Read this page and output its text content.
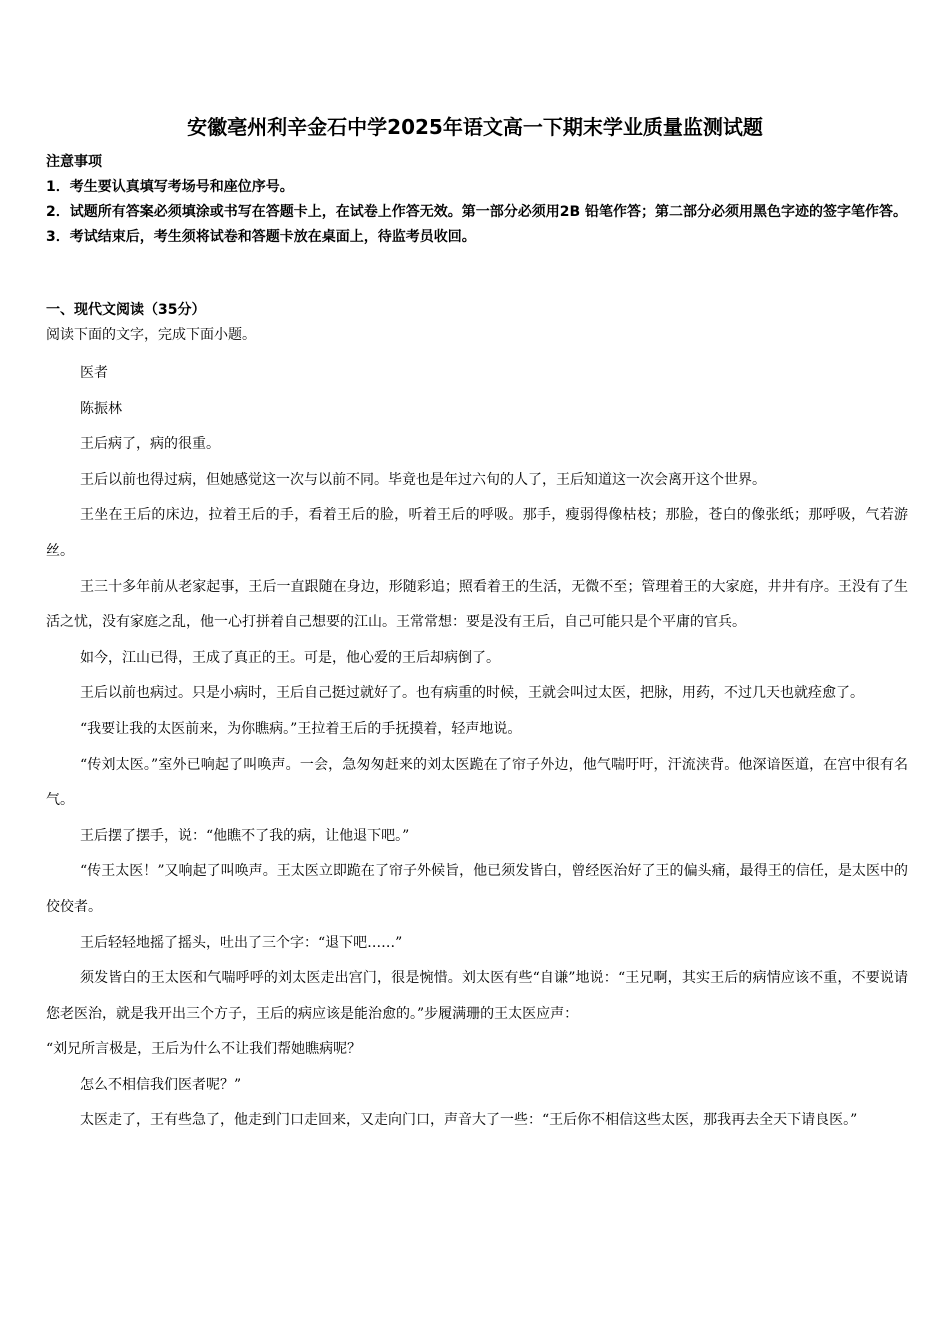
安徽亳州利辛金石中学2025年语文高一下期末学业质量监测试题

注意事项

1．考生要认真填写考场号和座位序号。

2．试题所有答案必须填涂或书写在答题卡上，在试卷上作答无效。第一部分必须用2B 铅笔作答；第二部分必须用黑色字迹的签字笔作答。

3．考试结束后，考生须将试卷和答题卡放在桌面上，待监考员收回。

一、现代文阅读（35分）

阅读下面的文字，完成下面小题。

医者

陈振林

王后病了，病的很重。

王后以前也得过病，但她感觉这一次与以前不同。毕竟也是年过六旬的人了，王后知道这一次会离开这个世界。

王坐在王后的床边，拉着王后的手，看着王后的脸，听着王后的呼吸。那手，瘦弱得像枯枝；那脸，苍白的像张纸；那呼吸，气若游丝。

王三十多年前从老家起事，王后一直跟随在身边，形随彩追；照看着王的生活，无微不至；管理着王的大家庭，井井有序。王没有了生活之忧，没有家庭之乱，他一心打拼着自己想要的江山。王常常想：要是没有王后，自己可能只是个平庸的官兵。

如今，江山已得，王成了真正的王。可是，他心爱的王后却病倒了。

王后以前也病过。只是小病时，王后自己挺过就好了。也有病重的时候，王就会叫过太医，把脉，用药，不过几天也就痊愈了。

“我要让我的太医前来，为你瞧病。”王拉着王后的手抚摸着，轻声地说。

“传刘太医。”室外已响起了叫唤声。一会，急匆匆赶来的刘太医跪在了帘子外边，他气喘吁吁，汗流浃背。他深谙医道，在宫中很有名气。

王后摆了摆手，说：“他瞧不了我的病，让他退下吧。”

“传王太医！”又响起了叫唤声。王太医立即跪在了帘子外候旨，他已须发皆白，曾经医治好了王的偏头痛，最得王的信任，是太医中的佼佼者。

王后轻轻地摇了摇头，吐出了三个字：“退下吧……”

须发皆白的王太医和气喘呼呼的刘太医走出宫门，很是惋惜。刘太医有些“自谦”地说：“王兄啊，其实王后的病情应该不重，不要说请您老医治，就是我开出三个方子，王后的病应该是能治愈的。”步履满珊的王太医应声：

“刘兄所言极是，王后为什么不让我们帮她瞧病呢？

怎么不相信我们医者呢？”

太医走了，王有些急了，他走到门口走回来，又走向门口，声音大了一些：“王后你不相信这些太医，那我再去全天下请良医。”
